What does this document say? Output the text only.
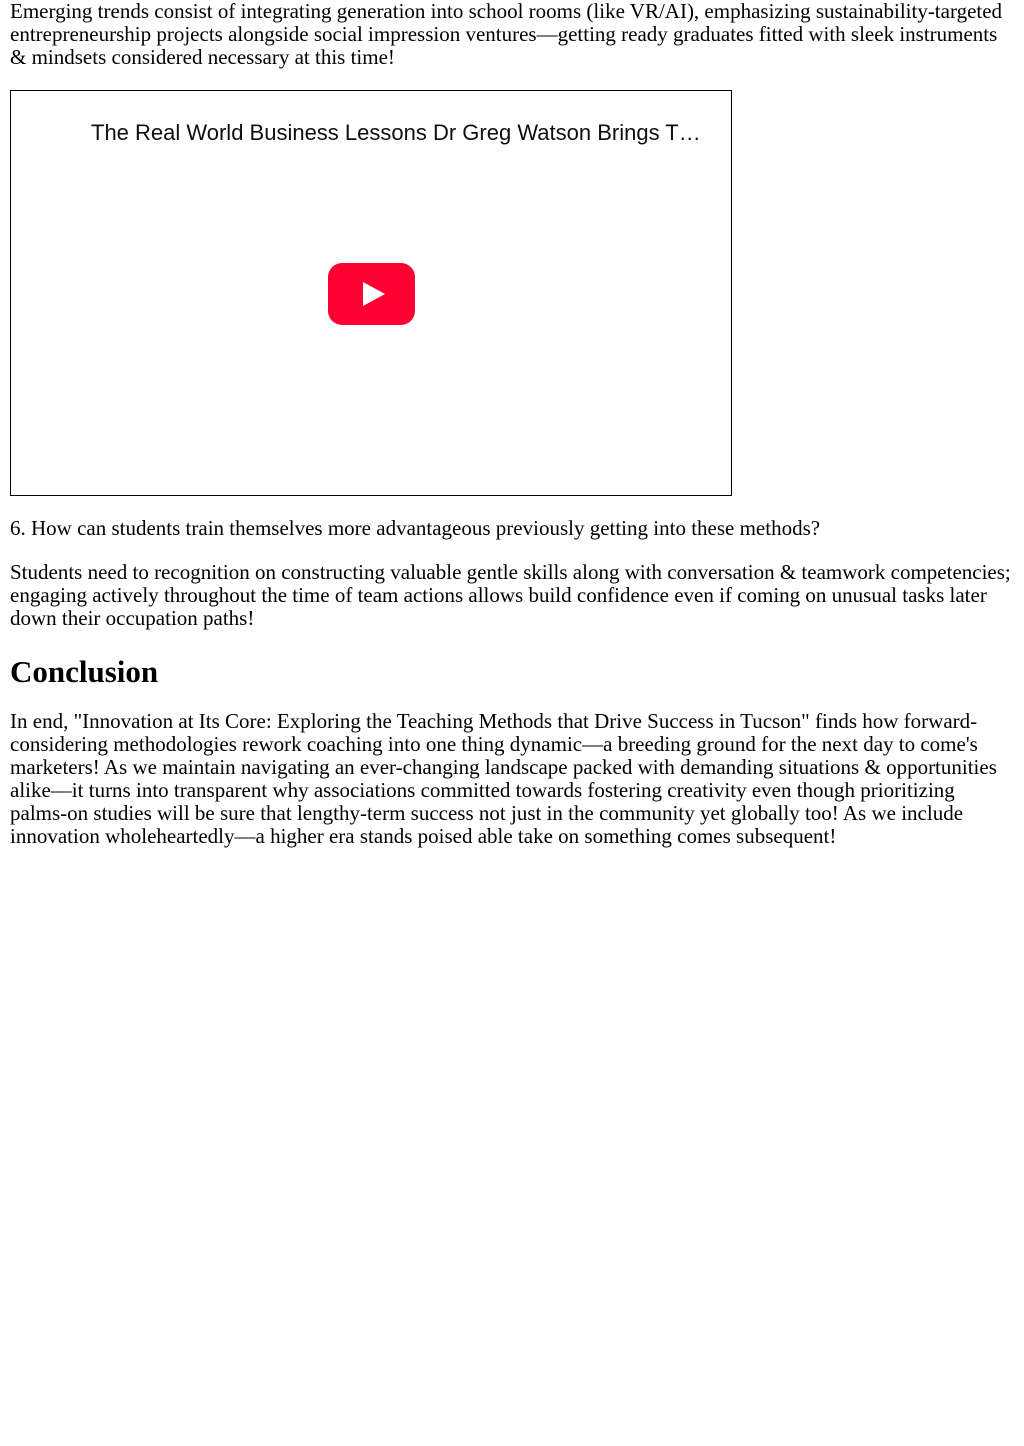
Emerging trends consist of integrating generation into school rooms (like VR/AI), emphasizing sustainability-targeted entrepreneurship projects alongside social impression ventures—getting ready graduates fitted with sleek instruments & mindsets considered necessary at this time!

The Real World Business Lessons Dr Greg Watson Brings T…

6. How can students train themselves more advantageous previously getting into these methods?

Students need to recognition on constructing valuable gentle skills along with conversation & teamwork competencies; engaging actively throughout the time of team actions allows build confidence even if coming on unusual tasks later down their occupation paths!

Conclusion

In end, "Innovation at Its Core: Exploring the Teaching Methods that Drive Success in Tucson" finds how forward-considering methodologies rework coaching into one thing dynamic—a breeding ground for the next day to come's marketers! As we maintain navigating an ever-changing landscape packed with demanding situations & opportunities alike—it turns into transparent why associations committed towards fostering creativity even though prioritizing palms-on studies will be sure that lengthy-term success not just in the community yet globally too! As we include innovation wholeheartedly—a higher era stands poised able take on something comes subsequent!
